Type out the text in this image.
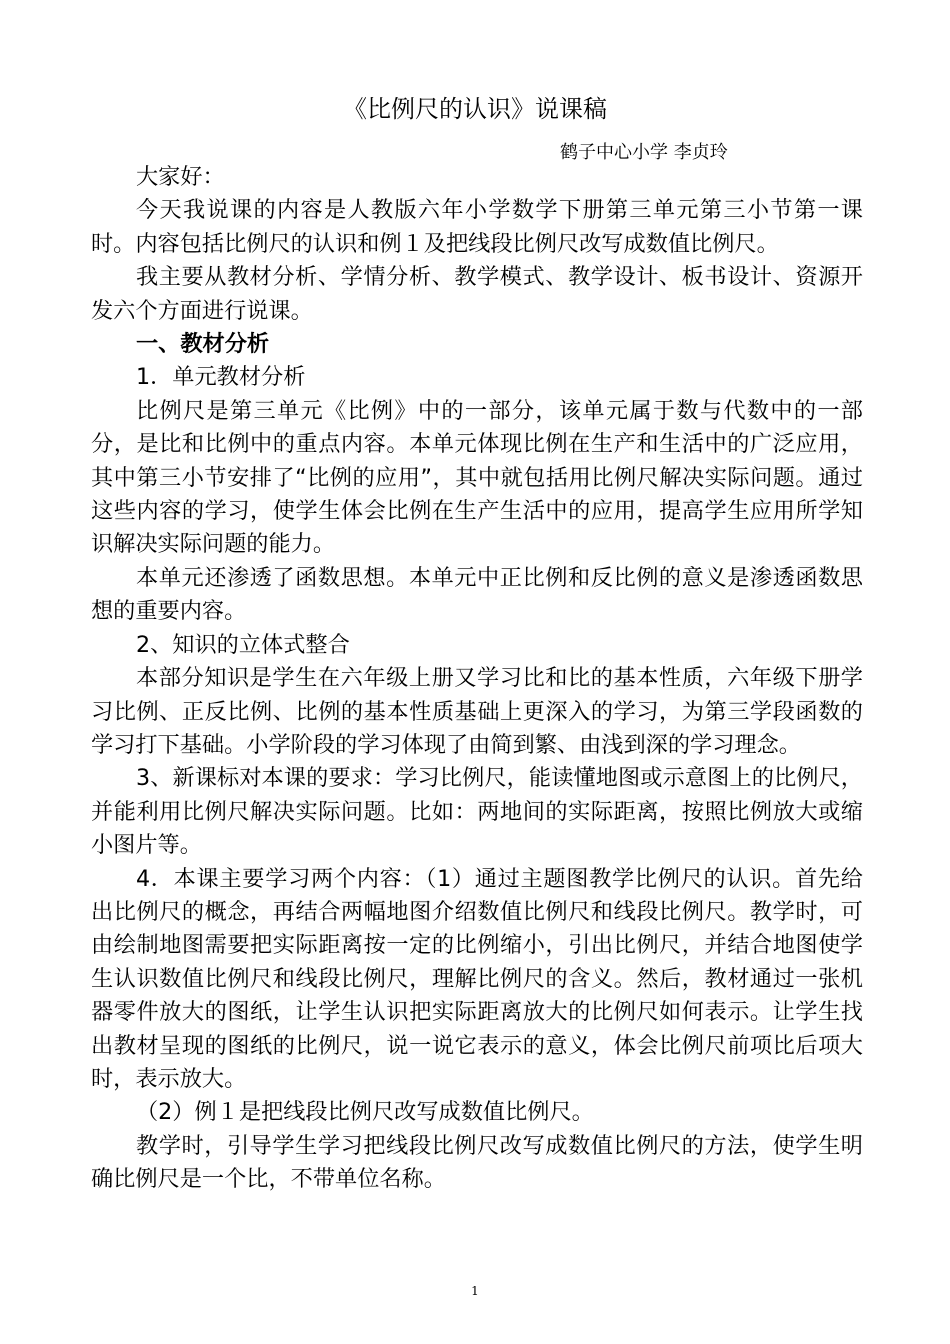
《比例尺的认识》说课稿
鹤子中心小学 李贞玲

大家好：

今天我说课的内容是人教版六年小学数学下册第三单元第三小节第一课时。内容包括比例尺的认识和例１及把线段比例尺改写成数值比例尺。

我主要从教材分析、学情分析、教学模式、教学设计、板书设计、资源开发六个方面进行说课。

一、教材分析

1．单元教材分析

比例尺是第三单元《比例》中的一部分，该单元属于数与代数中的一部分，是比和比例中的重点内容。本单元体现比例在生产和生活中的广泛应用，其中第三小节安排了“比例的应用”，其中就包括用比例尺解决实际问题。通过这些内容的学习，使学生体会比例在生产生活中的应用，提高学生应用所学知识解决实际问题的能力。

本单元还渗透了函数思想。本单元中正比例和反比例的意义是渗透函数思想的重要内容。

2、知识的立体式整合

本部分知识是学生在六年级上册又学习比和比的基本性质，六年级下册学习比例、正反比例、比例的基本性质基础上更深入的学习，为第三学段函数的学习打下基础。小学阶段的学习体现了由简到繁、由浅到深的学习理念。

3、新课标对本课的要求：学习比例尺，能读懂地图或示意图上的比例尺，并能利用比例尺解决实际问题。比如：两地间的实际距离，按照比例放大或缩小图片等。

4．本课主要学习两个内容：（1）通过主题图教学比例尺的认识。首先给出比例尺的概念，再结合两幅地图介绍数值比例尺和线段比例尺。教学时，可由绘制地图需要把实际距离按一定的比例缩小，引出比例尺，并结合地图使学生认识数值比例尺和线段比例尺，理解比例尺的含义。然后，教材通过一张机器零件放大的图纸，让学生认识把实际距离放大的比例尺如何表示。让学生找出教材呈现的图纸的比例尺，说一说它表示的意义，体会比例尺前项比后项大时，表示放大。

（2）例１是把线段比例尺改写成数值比例尺。

教学时，引导学生学习把线段比例尺改写成数值比例尺的方法，使学生明确比例尺是一个比，不带单位名称。

1
